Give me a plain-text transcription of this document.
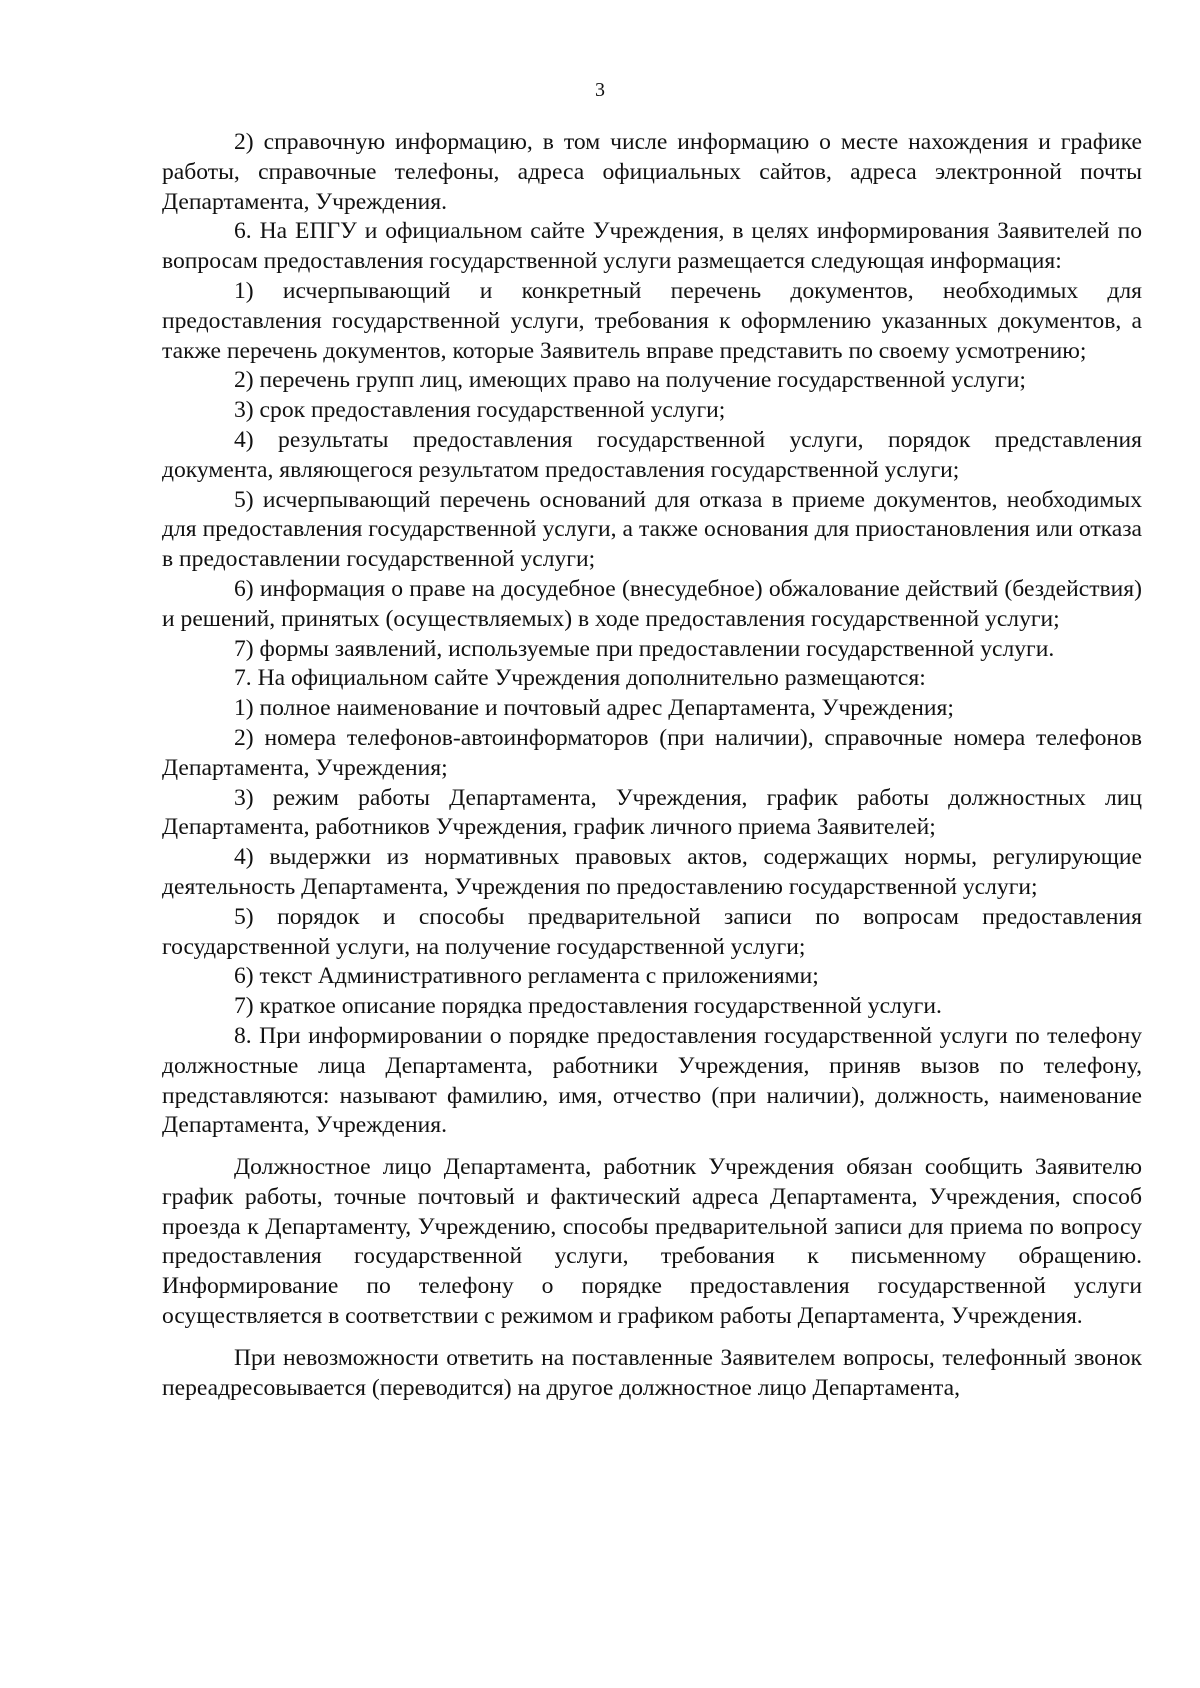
3

2) справочную информацию, в том числе информацию о месте нахождения и графике работы, справочные телефоны, адреса официальных сайтов, адреса электронной почты Департамента, Учреждения.

6. На ЕПГУ и официальном сайте Учреждения, в целях информирования Заявителей по вопросам предоставления государственной услуги размещается следующая информация:

1) исчерпывающий и конкретный перечень документов, необходимых для предоставления государственной услуги, требования к оформлению указанных документов, а также перечень документов, которые Заявитель вправе представить по своему усмотрению;

2) перечень групп лиц, имеющих право на получение государственной услуги;

3) срок предоставления государственной услуги;

4) результаты предоставления государственной услуги, порядок представления документа, являющегося результатом предоставления государственной услуги;

5) исчерпывающий перечень оснований для отказа в приеме документов, необходимых для предоставления государственной услуги, а также основания для приостановления или отказа в предоставлении государственной услуги;

6) информация о праве на досудебное (внесудебное) обжалование действий (бездействия) и решений, принятых (осуществляемых) в ходе предоставления государственной услуги;

7) формы заявлений, используемые при предоставлении государственной услуги.

7. На официальном сайте Учреждения дополнительно размещаются:

1) полное наименование и почтовый адрес Департамента, Учреждения;

2) номера телефонов-автоинформаторов (при наличии), справочные номера телефонов Департамента, Учреждения;

3) режим работы Департамента, Учреждения, график работы должностных лиц Департамента, работников Учреждения, график личного приема Заявителей;

4) выдержки из нормативных правовых актов, содержащих нормы, регулирующие деятельность Департамента, Учреждения по предоставлению государственной услуги;

5) порядок и способы предварительной записи по вопросам предоставления государственной услуги, на получение государственной услуги;

6) текст Административного регламента с приложениями;

7) краткое описание порядка предоставления государственной услуги.

8. При информировании о порядке предоставления государственной услуги по телефону должностные лица Департамента, работники Учреждения, приняв вызов по телефону, представляются: называют фамилию, имя, отчество (при наличии), должность, наименование Департамента, Учреждения.

Должностное лицо Департамента, работник Учреждения обязан сообщить Заявителю график работы, точные почтовый и фактический адреса Департамента, Учреждения, способ проезда к Департаменту, Учреждению, способы предварительной записи для приема по вопросу предоставления государственной услуги, требования к письменному обращению. Информирование по телефону о порядке предоставления государственной услуги осуществляется в соответствии с режимом и графиком работы Департамента, Учреждения.

При невозможности ответить на поставленные Заявителем вопросы, телефонный звонок переадресовывается (переводится) на другое должностное лицо Департамента,
